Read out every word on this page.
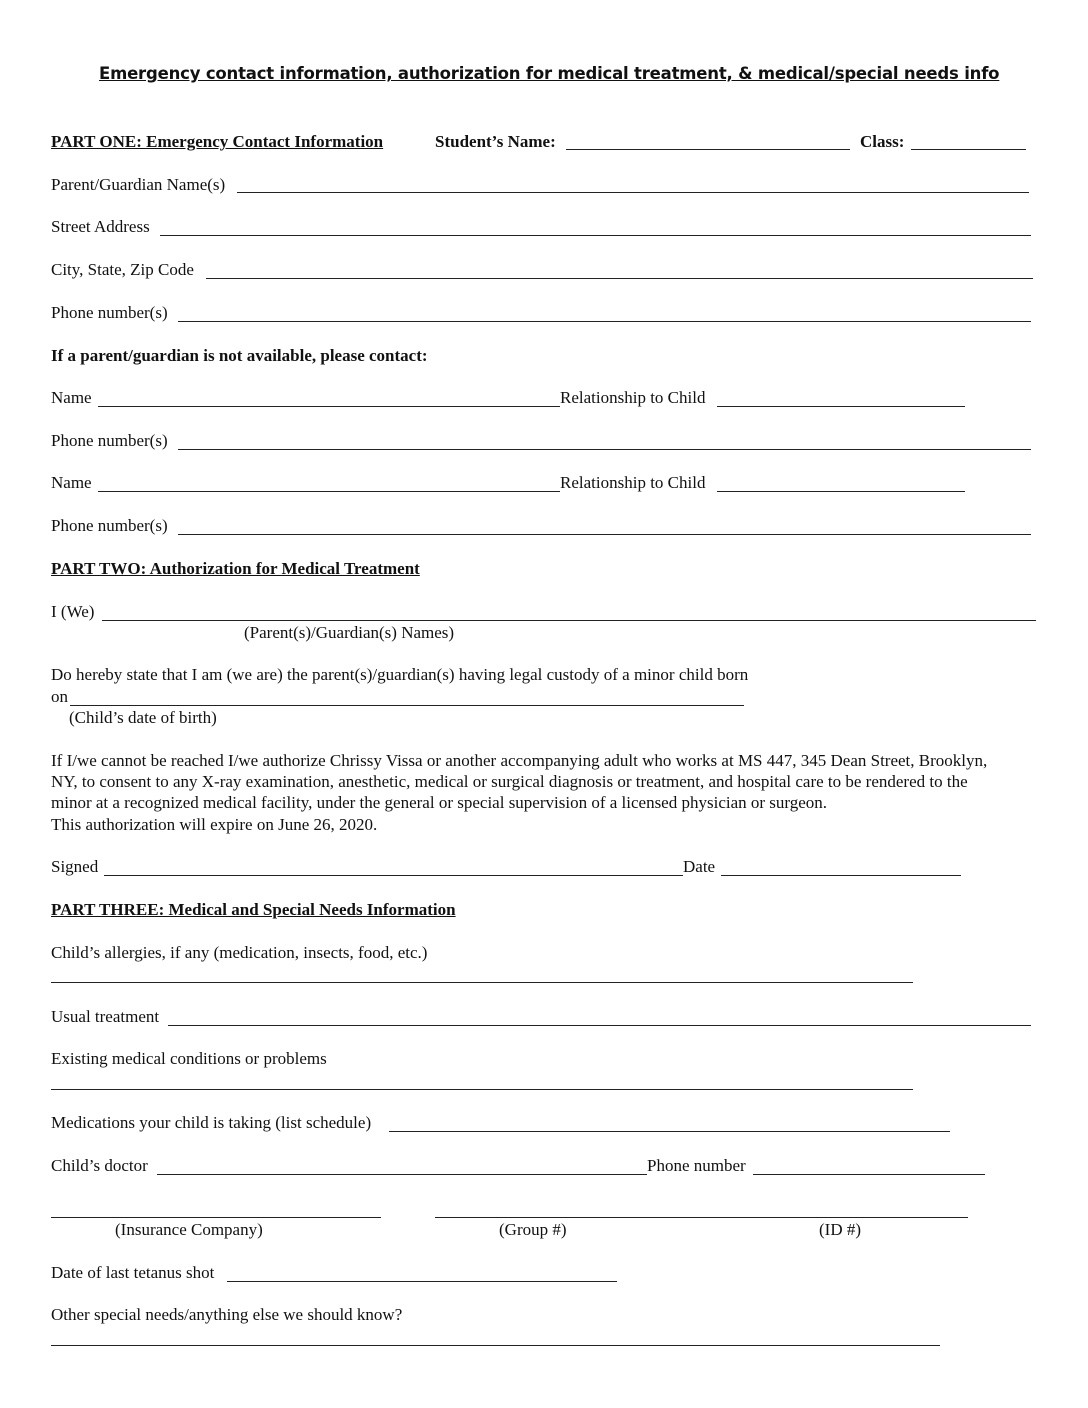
Emergency contact information, authorization for medical treatment, & medical/special needs info
PART ONE: Emergency Contact Information	Student’s Name:	Class:
Parent/Guardian Name(s)
Street Address
City, State, Zip Code
Phone number(s)
If a parent/guardian is not available, please contact:
Name	Relationship to Child
Phone number(s)
Name	Relationship to Child
Phone number(s)
PART TWO: Authorization for Medical Treatment
I (We)
(Parent(s)/Guardian(s) Names)
Do hereby state that I am (we are) the parent(s)/guardian(s) having legal custody of a minor child born
on
(Child’s date of birth)
If I/we cannot be reached I/we authorize Chrissy Vissa or another accompanying adult who works at MS 447, 345 Dean Street, Brooklyn,
NY, to consent to any X-ray examination, anesthetic, medical or surgical diagnosis or treatment, and hospital care to be rendered to the
minor at a recognized medical facility, under the general or special supervision of a licensed physician or surgeon.
This authorization will expire on June 26, 2020.
Signed	Date
PART THREE: Medical and Special Needs Information
Child’s allergies, if any (medication, insects, food, etc.)
Usual treatment
Existing medical conditions or problems
Medications your child is taking (list schedule)
Child’s doctor	Phone number
(Insurance Company)	(Group #)	(ID #)
Date of last tetanus shot
Other special needs/anything else we should know?
